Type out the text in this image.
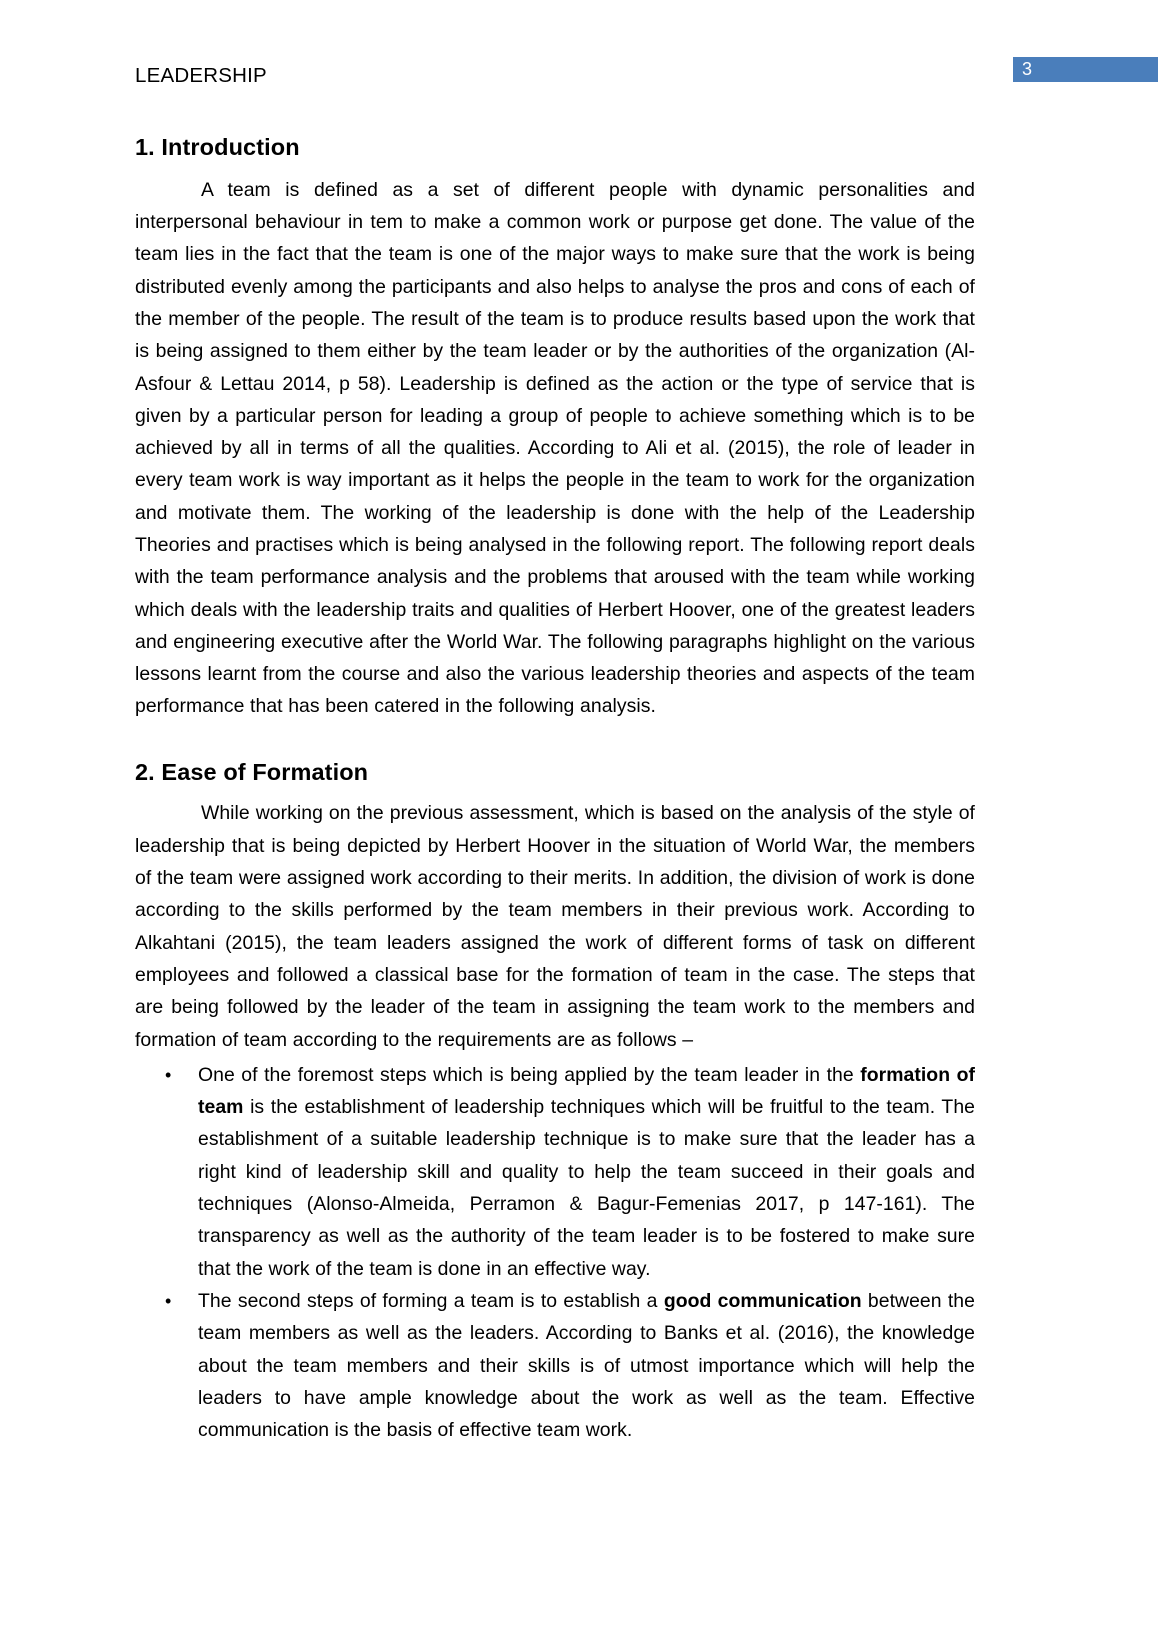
LEADERSHIP	3
1. Introduction

A team is defined as a set of different people with dynamic personalities and interpersonal behaviour in tem to make a common work or purpose get done. The value of the team lies in the fact that the team is one of the major ways to make sure that the work is being distributed evenly among the participants and also helps to analyse the pros and cons of each of the member of the people. The result of the team is to produce results based upon the work that is being assigned to them either by the team leader or by the authorities of the organization (Al-Asfour & Lettau 2014, p 58). Leadership is defined as the action or the type of service that is given by a particular person for leading a group of people to achieve something which is to be achieved by all in terms of all the qualities. According to Ali et al. (2015), the role of leader in every team work is way important as it helps the people in the team to work for the organization and motivate them. The working of the leadership is done with the help of the Leadership Theories and practises which is being analysed in the following report. The following report deals with the team performance analysis and the problems that aroused with the team while working which deals with the leadership traits and qualities of Herbert Hoover, one of the greatest leaders and engineering executive after the World War. The following paragraphs highlight on the various lessons learnt from the course and also the various leadership theories and aspects of the team performance that has been catered in the following analysis.

2. Ease of Formation

While working on the previous assessment, which is based on the analysis of the style of leadership that is being depicted by Herbert Hoover in the situation of World War, the members of the team were assigned work according to their merits. In addition, the division of work is done according to the skills performed by the team members in their previous work. According to Alkahtani (2015), the team leaders assigned the work of different forms of task on different employees and followed a classical base for the formation of team in the case. The steps that are being followed by the leader of the team in assigning the team work to the members and formation of team according to the requirements are as follows –

• One of the foremost steps which is being applied by the team leader in the formation of team is the establishment of leadership techniques which will be fruitful to the team. The establishment of a suitable leadership technique is to make sure that the leader has a right kind of leadership skill and quality to help the team succeed in their goals and techniques (Alonso-Almeida, Perramon & Bagur-Femenias 2017, p 147-161). The transparency as well as the authority of the team leader is to be fostered to make sure that the work of the team is done in an effective way.
• The second steps of forming a team is to establish a good communication between the team members as well as the leaders. According to Banks et al. (2016), the knowledge about the team members and their skills is of utmost importance which will help the leaders to have ample knowledge about the work as well as the team. Effective communication is the basis of effective team work.
